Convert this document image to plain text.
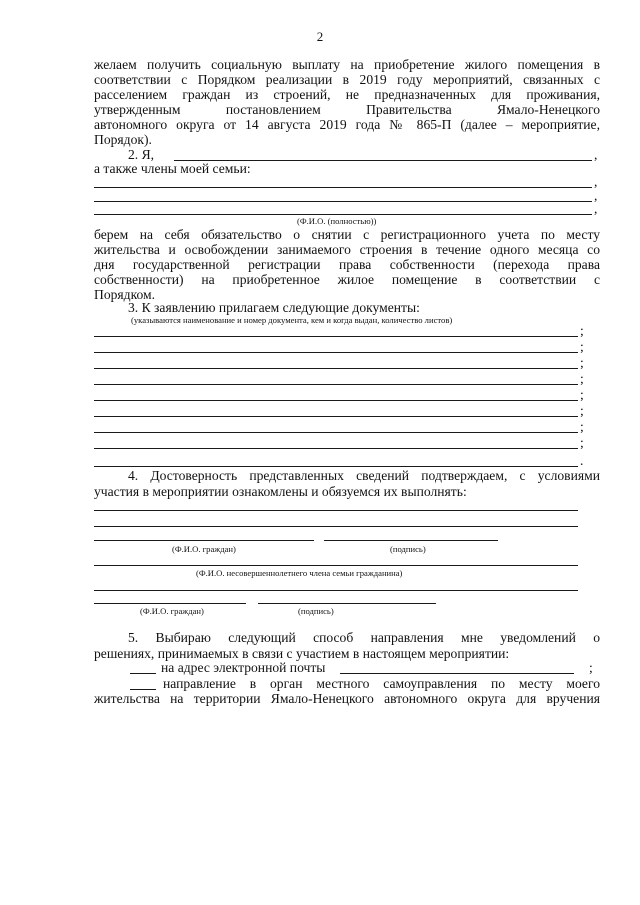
2
желаем получить социальную выплату на приобретение жилого помещения в
соответствии с Порядком реализации в 2019 году мероприятий, связанных с
расселением граждан из строений, не предназначенных для проживания,
утвержденным постановлением Правительства Ямало-Ненецкого
автономного округа от 14 августа 2019 года № 865-П (далее – мероприятие,
Порядок).
2. Я,	,
а также члены моей семьи:
,
,
,
(Ф.И.О. (полностью))
берем на себя обязательство о снятии с регистрационного учета по месту
жительства и освобождении занимаемого строения в течение одного месяца со
дня государственной регистрации права собственности (перехода права
собственности) на приобретенное жилое помещение в соответствии с
Порядком.
3. К заявлению прилагаем следующие документы:
(указываются наименование и номер документа, кем и когда выдан, количество листов)
;
;
;
;
;
;
;
;
.
4. Достоверность представленных сведений подтверждаем, с условиями
участия в мероприятии ознакомлены и обязуемся их выполнять:
(Ф.И.О. граждан)	(подпись)
(Ф.И.О. несовершеннолетнего члена семьи гражданина)
(Ф.И.О. граждан)	(подпись)
5. Выбираю следующий способ направления мне уведомлений о
решениях, принимаемых в связи с участием в настоящем мероприятии:
на адрес электронной почты	;
направление в орган местного самоуправления по месту моего
жительства на территории Ямало-Ненецкого автономного округа для вручения
